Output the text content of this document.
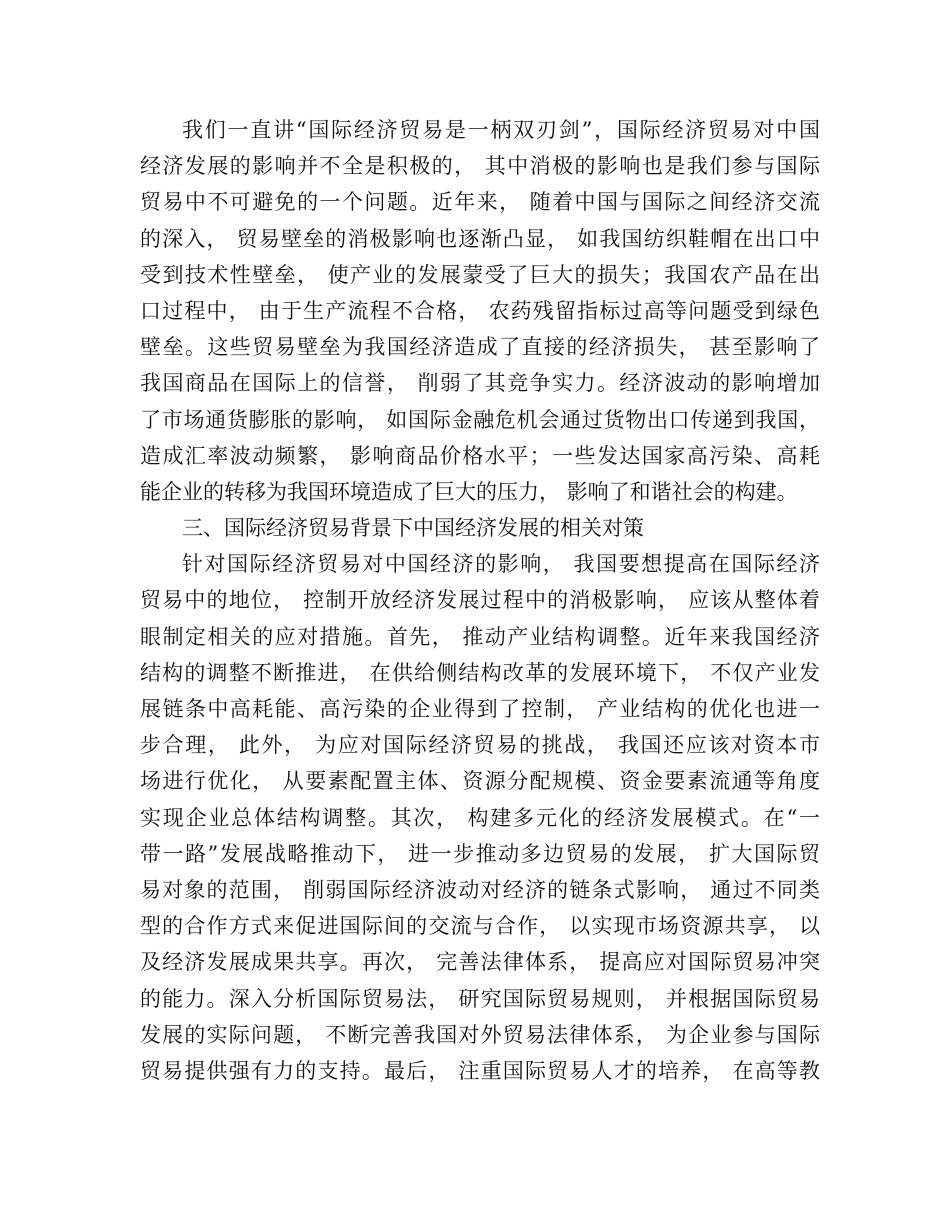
我们一直讲“国际经济贸易是一柄双刃剑”，国际经济贸易对中国
经济发展的影响并不全是积极的， 其中消极的影响也是我们参与国际
贸易中不可避免的一个问题。近年来， 随着中国与国际之间经济交流
的深入， 贸易壁垒的消极影响也逐渐凸显， 如我国纺织鞋帽在出口中
受到技术性壁垒， 使产业的发展蒙受了巨大的损失；我国农产品在出
口过程中， 由于生产流程不合格， 农药残留指标过高等问题受到绿色
壁垒。这些贸易壁垒为我国经济造成了直接的经济损失， 甚至影响了
我国商品在国际上的信誉， 削弱了其竞争实力。经济波动的影响增加
了市场通货膨胀的影响， 如国际金融危机会通过货物出口传递到我国，
造成汇率波动频繁， 影响商品价格水平；一些发达国家高污染、高耗
能企业的转移为我国环境造成了巨大的压力， 影响了和谐社会的构建。
三、国际经济贸易背景下中国经济发展的相关对策
针对国际经济贸易对中国经济的影响， 我国要想提高在国际经济
贸易中的地位， 控制开放经济发展过程中的消极影响， 应该从整体着
眼制定相关的应对措施。首先， 推动产业结构调整。近年来我国经济
结构的调整不断推进， 在供给侧结构改革的发展环境下， 不仅产业发
展链条中高耗能、高污染的企业得到了控制， 产业结构的优化也进一
步合理， 此外， 为应对国际经济贸易的挑战， 我国还应该对资本市
场进行优化， 从要素配置主体、资源分配规模、资金要素流通等角度
实现企业总体结构调整。其次， 构建多元化的经济发展模式。在“一
带一路”发展战略推动下， 进一步推动多边贸易的发展， 扩大国际贸
易对象的范围， 削弱国际经济波动对经济的链条式影响， 通过不同类
型的合作方式来促进国际间的交流与合作， 以实现市场资源共享， 以
及经济发展成果共享。再次， 完善法律体系， 提高应对国际贸易冲突
的能力。深入分析国际贸易法， 研究国际贸易规则， 并根据国际贸易
发展的实际问题， 不断完善我国对外贸易法律体系， 为企业参与国际
贸易提供强有力的支持。最后， 注重国际贸易人才的培养， 在高等教
